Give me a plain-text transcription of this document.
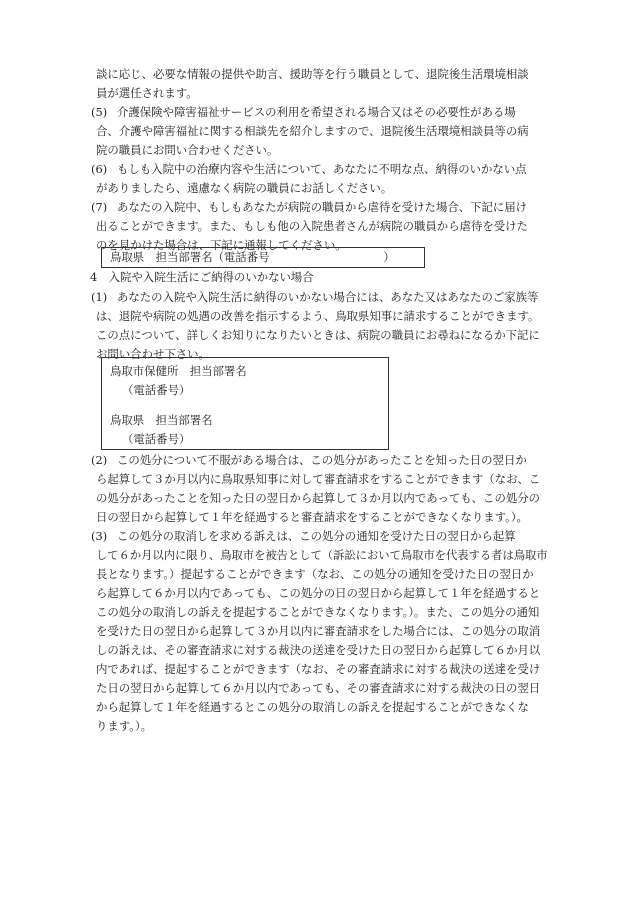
談に応じ、必要な情報の提供や助言、援助等を行う職員として、退院後生活環境相談
員が選任されます。
(5) 介護保険や障害福祉サービスの利用を希望される場合又はその必要性がある場
合、介護や障害福祉に関する相談先を紹介しますので、退院後生活環境相談員等の病
院の職員にお問い合わせください。
(6) もしも入院中の治療内容や生活について、あなたに不明な点、納得のいかない点
がありましたら、遠慮なく病院の職員にお話しください。
(7) あなたの入院中、もしもあなたが病院の職員から虐待を受けた場合、下記に届け
出ることができます。また、もしも他の入院患者さんが病院の職員から虐待を受けた
のを見かけた場合は、下記に通報してください。
鳥取県　担当部署名（電話番号　　　　　　　　　　）
4　入院や入院生活にご納得のいかない場合
(1) あなたの入院や入院生活に納得のいかない場合には、あなた又はあなたのご家族等
は、退院や病院の処遇の改善を指示するよう、鳥取県知事に請求することができます。
この点について、詳しくお知りになりたいときは、病院の職員にお尋ねになるか下記に
お問い合わせ下さい。
鳥取市保健所　担当部署名
（電話番号）
鳥取県　担当部署名
（電話番号）
(2) この処分について不服がある場合は、この処分があったことを知った日の翌日か
ら起算して３か月以内に鳥取県知事に対して審査請求をすることができます（なお、こ
の処分があったことを知った日の翌日から起算して３か月以内であっても、この処分の
日の翌日から起算して１年を経過すると審査請求をすることができなくなります。）。
(3) この処分の取消しを求める訴えは、この処分の通知を受けた日の翌日から起算
して６か月以内に限り、鳥取市を被告として（訴訟において鳥取市を代表する者は鳥取市
長となります。）提起することができます（なお、この処分の通知を受けた日の翌日か
ら起算して６か月以内であっても、この処分の日の翌日から起算して１年を経過すると
この処分の取消しの訴えを提起することができなくなります。）。また、この処分の通知
を受けた日の翌日から起算して３か月以内に審査請求をした場合には、この処分の取消
しの訴えは、その審査請求に対する裁決の送達を受けた日の翌日から起算して６か月以
内であれば、提起することができます（なお、その審査請求に対する裁決の送達を受け
た日の翌日から起算して６か月以内であっても、その審査請求に対する裁決の日の翌日
から起算して１年を経過するとこの処分の取消しの訴えを提起することができなくな
ります。）。
